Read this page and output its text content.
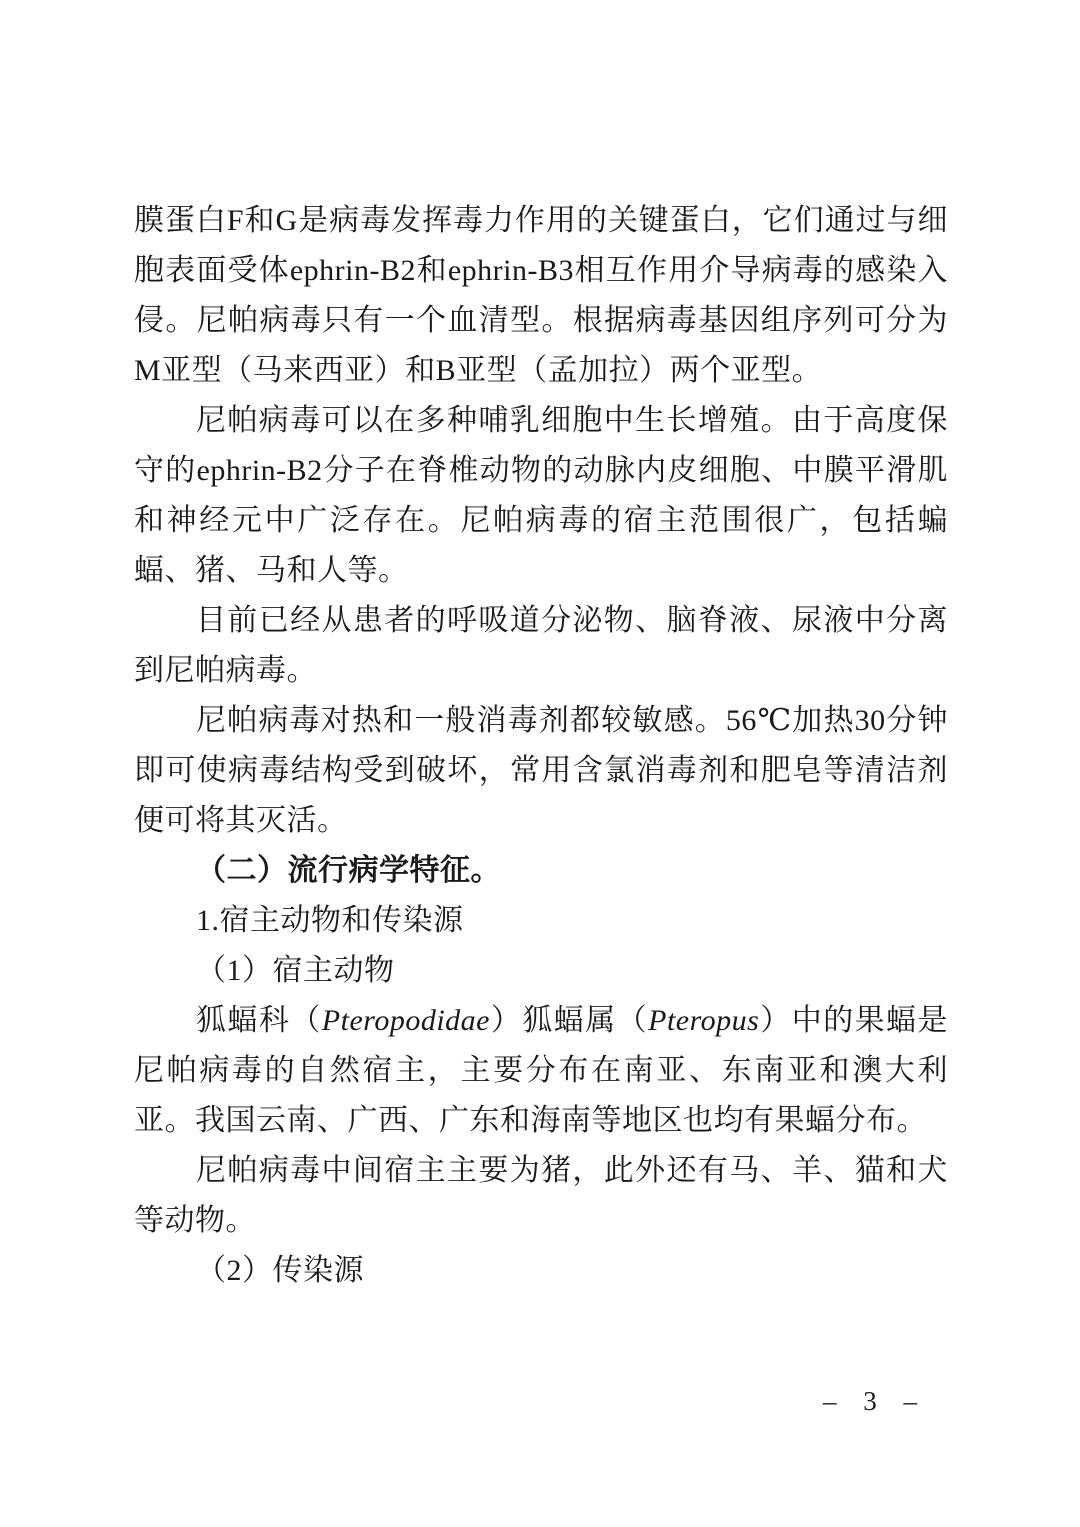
膜蛋白F和G是病毒发挥毒力作用的关键蛋白，它们通过与细胞表面受体ephrin-B2和ephrin-B3相互作用介导病毒的感染入侵。尼帕病毒只有一个血清型。根据病毒基因组序列可分为M亚型（马来西亚）和B亚型（孟加拉）两个亚型。

尼帕病毒可以在多种哺乳细胞中生长增殖。由于高度保守的ephrin-B2分子在脊椎动物的动脉内皮细胞、中膜平滑肌和神经元中广泛存在。尼帕病毒的宿主范围很广，包括蝙蝠、猪、马和人等。

目前已经从患者的呼吸道分泌物、脑脊液、尿液中分离到尼帕病毒。

尼帕病毒对热和一般消毒剂都较敏感。56℃加热30分钟即可使病毒结构受到破坏，常用含氯消毒剂和肥皂等清洁剂便可将其灭活。

（二）流行病学特征。

1.宿主动物和传染源

（1）宿主动物

狐蝠科（Pteropodidae）狐蝠属（Pteropus）中的果蝠是尼帕病毒的自然宿主，主要分布在南亚、东南亚和澳大利亚。我国云南、广西、广东和海南等地区也均有果蝠分布。

尼帕病毒中间宿主主要为猪，此外还有马、羊、猫和犬等动物。

（2）传染源

– 3 –
